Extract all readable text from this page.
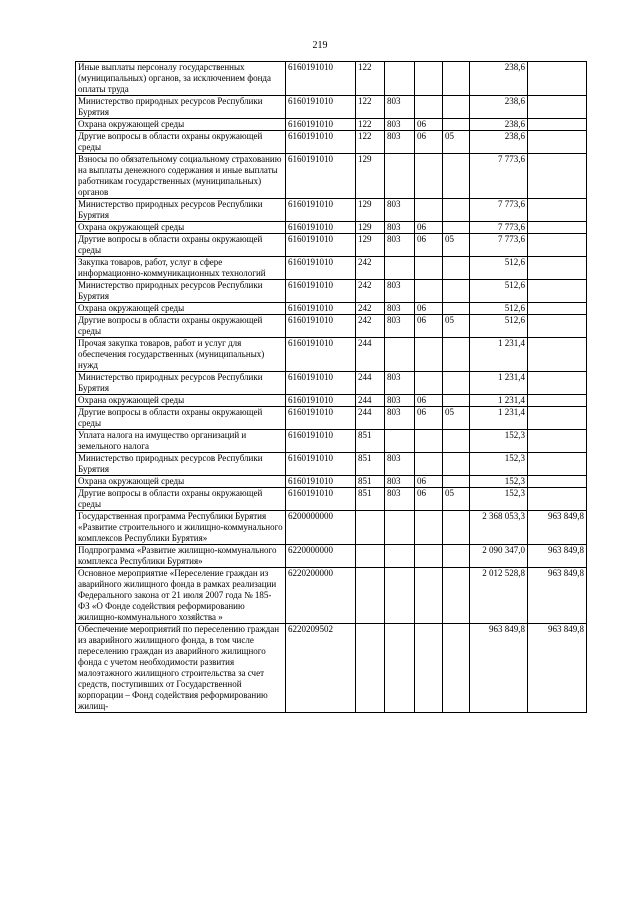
219
Иные выплаты персоналу государственных (муниципальных) органов, за исключением фонда оплаты труда	6160191010	122				238,6	
Министерство природных ресурсов Республики Бурятия	6160191010	122	803			238,6	
Охрана окружающей среды	6160191010	122	803	06		238,6	
Другие вопросы в области охраны окружающей среды	6160191010	122	803	06	05	238,6	
Взносы по обязательному социальному страхованию на выплаты денежного содержания и иные выплаты работникам государственных (муниципальных) органов	6160191010	129				7 773,6	
Министерство природных ресурсов Республики Бурятия	6160191010	129	803			7 773,6	
Охрана окружающей среды	6160191010	129	803	06		7 773,6	
Другие вопросы в области охраны окружающей среды	6160191010	129	803	06	05	7 773,6	
Закупка товаров, работ, услуг в сфере информационно-коммуникационных технологий	6160191010	242				512,6	
Министерство природных ресурсов Республики Бурятия	6160191010	242	803			512,6	
Охрана окружающей среды	6160191010	242	803	06		512,6	
Другие вопросы в области охраны окружающей среды	6160191010	242	803	06	05	512,6	
Прочая закупка товаров, работ и услуг для обеспечения государственных (муниципальных) нужд	6160191010	244				1 231,4	
Министерство природных ресурсов Республики Бурятия	6160191010	244	803			1 231,4	
Охрана окружающей среды	6160191010	244	803	06		1 231,4	
Другие вопросы в области охраны окружающей среды	6160191010	244	803	06	05	1 231,4	
Уплата налога на имущество организаций и земельного налога	6160191010	851				152,3	
Министерство природных ресурсов Республики Бурятия	6160191010	851	803			152,3	
Охрана окружающей среды	6160191010	851	803	06		152,3	
Другие вопросы в области охраны окружающей среды	6160191010	851	803	06	05	152,3	
Государственная программа Республики Бурятия «Развитие строительного и жилищно-коммунального комплексов Республики Бурятия»	6200000000					2 368 053,3	963 849,8
Подпрограмма «Развитие жилищно-коммунального комплекса Республики Бурятия»	6220000000					2 090 347,0	963 849,8
Основное мероприятие «Переселение граждан из аварийного жилищного фонда в рамках реализации Федерального закона от 21 июля 2007 года № 185-ФЗ «О Фонде содействия реформированию жилищно-коммунального хозяйства »	6220200000					2 012 528,8	963 849,8
Обеспечение мероприятий по переселению граждан из аварийного жилищного фонда, в том числе переселению граждан из аварийного жилищного фонда с учетом необходимости развития малоэтажного жилищного строительства за счет средств, поступивших от Государственной корпорации – Фонд содействия реформированию жилищ-	6220209502					963 849,8	963 849,8
